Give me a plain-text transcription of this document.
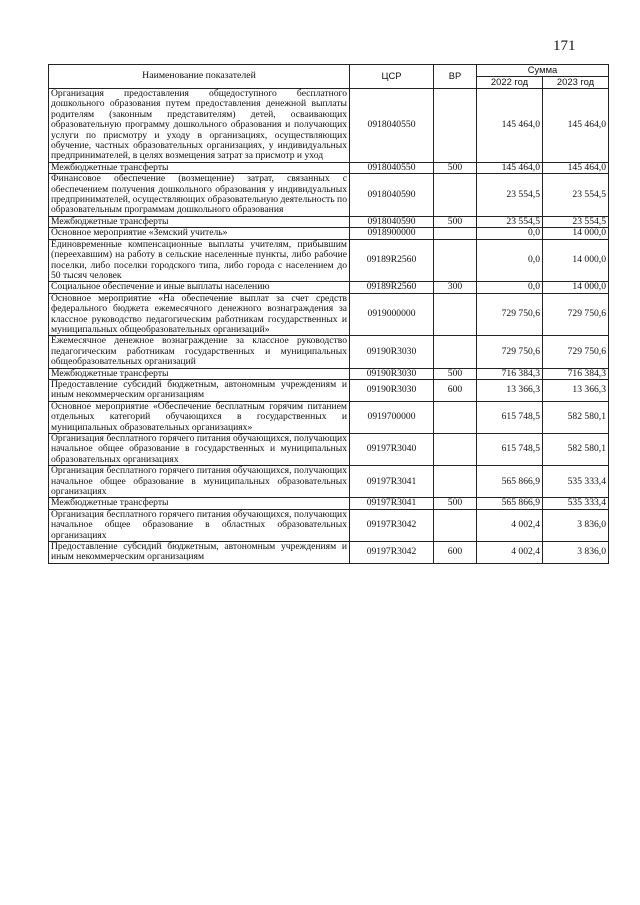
171
Наименование показателей	ЦСР	ВР	Сумма	
			2022 год	2023 год
Организация предоставления общедоступного бесплатного дошкольного образования путем предоставления денежной выплаты родителям (законным представителям) детей, осваивающих образовательную программу дошкольного образования и получающих услуги по присмотру и уходу в организациях, осуществляющих обучение, частных образовательных организациях, у индивидуальных предпринимателей, в целях возмещения затрат за присмотр и уход	0918040550		145 464,0	145 464,0
Межбюджетные трансферты	0918040550	500	145 464,0	145 464,0
Финансовое обеспечение (возмещение) затрат, связанных с обеспечением получения дошкольного образования у индивидуальных предпринимателей, осуществляющих образовательную деятельность по образовательным программам дошкольного образования	0918040590		23 554,5	23 554,5
Межбюджетные трансферты	0918040590	500	23 554,5	23 554,5
Основное мероприятие «Земский учитель»	0918900000		0,0	14 000,0
Единовременные компенсационные выплаты учителям, прибывшим (переехавшим) на работу в сельские населенные пункты, либо рабочие поселки, либо поселки городского типа, либо города с населением до 50 тысяч человек	09189R2560		0,0	14 000,0
Социальное обеспечение и иные выплаты населению	09189R2560	300	0,0	14 000,0
Основное мероприятие «На обеспечение выплат за счет средств федерального бюджета ежемесячного денежного вознаграждения за классное руководство педагогическим работникам государственных и муниципальных общеобразовательных организаций»	0919000000		729 750,6	729 750,6
Ежемесячное денежное вознаграждение за классное руководство педагогическим работникам государственных и муниципальных общеобразовательных организаций	09190R3030		729 750,6	729 750,6
Межбюджетные трансферты	09190R3030	500	716 384,3	716 384,3
Предоставление субсидий бюджетным, автономным учреждениям и иным некоммерческим организациям	09190R3030	600	13 366,3	13 366,3
Основное мероприятие «Обеспечение бесплатным горячим питанием отдельных категорий обучающихся в государственных и муниципальных образовательных организациях»	0919700000		615 748,5	582 580,1
Организация бесплатного горячего питания обучающихся, получающих начальное общее образование в государственных и муниципальных образовательных организациях	09197R3040		615 748,5	582 580,1
Организация бесплатного горячего питания обучающихся, получающих начальное общее образование в муниципальных образовательных организациях	09197R3041		565 866,9	535 333,4
Межбюджетные трансферты	09197R3041	500	565 866,9	535 333,4
Организация бесплатного горячего питания обучающихся, получающих начальное общее образование в областных образовательных организациях	09197R3042		4 002,4	3 836,0
Предоставление субсидий бюджетным, автономным учреждениям и иным некоммерческим организациям	09197R3042	600	4 002,4	3 836,0
